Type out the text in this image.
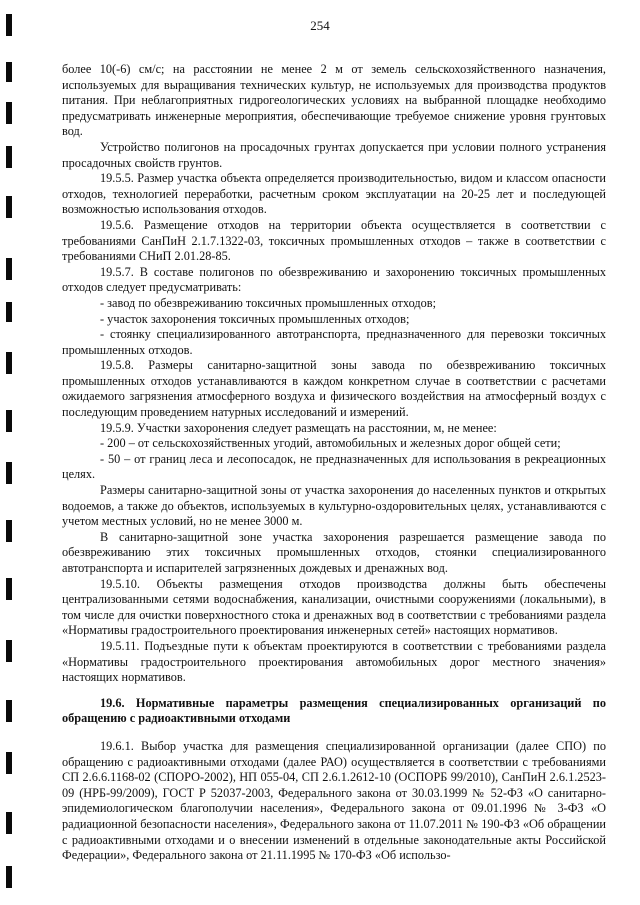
254

более 10(-6) см/с; на расстоянии не менее 2 м от земель сельскохозяйственного назначения, используемых для выращивания технических культур, не используемых для производства продуктов питания. При неблагоприятных гидрогеологических условиях на выбранной площадке необходимо предусматривать инженерные мероприятия, обеспечивающие требуемое снижение уровня грунтовых вод.

Устройство полигонов на просадочных грунтах допускается при условии полного устранения просадочных свойств грунтов.

19.5.5. Размер участка объекта определяется производительностью, видом и классом опасности отходов, технологией переработки, расчетным сроком эксплуатации на 20-25 лет и последующей возможностью использования отходов.

19.5.6. Размещение отходов на территории объекта осуществляется в соответствии с требованиями СанПиН 2.1.7.1322-03, токсичных промышленных отходов – также в соответствии с требованиями СНиП 2.01.28-85.

19.5.7. В составе полигонов по обезвреживанию и захоронению токсичных промышленных отходов следует предусматривать:

- завод по обезвреживанию токсичных промышленных отходов;

- участок захоронения токсичных промышленных отходов;

- стоянку специализированного автотранспорта, предназначенного для перевозки токсичных промышленных отходов.

19.5.8. Размеры санитарно-защитной зоны завода по обезвреживанию токсичных промышленных отходов устанавливаются в каждом конкретном случае в соответствии с расчетами ожидаемого загрязнения атмосферного воздуха и физического воздействия на атмосферный воздух с последующим проведением натурных исследований и измерений.

19.5.9. Участки захоронения следует размещать на расстоянии, м, не менее:

- 200 – от сельскохозяйственных угодий, автомобильных и железных дорог общей сети;

- 50 – от границ леса и лесопосадок, не предназначенных для использования в рекреационных целях.

Размеры санитарно-защитной зоны от участка захоронения до населенных пунктов и открытых водоемов, а также до объектов, используемых в культурно-оздоровительных целях, устанавливаются с учетом местных условий, но не менее 3000 м.

В санитарно-защитной зоне участка захоронения разрешается размещение завода по обезвреживанию этих токсичных промышленных отходов, стоянки специализированного автотранспорта и испарителей загрязненных дождевых и дренажных вод.

19.5.10. Объекты размещения отходов производства должны быть обеспечены централизованными сетями водоснабжения, канализации, очистными сооружениями (локальными), в том числе для очистки поверхностного стока и дренажных вод в соответствии с требованиями раздела «Нормативы градостроительного проектирования инженерных сетей» настоящих нормативов.

19.5.11. Подъездные пути к объектам проектируются в соответствии с требованиями раздела «Нормативы градостроительного проектирования автомобильных дорог местного значения» настоящих нормативов.

19.6. Нормативные параметры размещения специализированных организаций по обращению с радиоактивными отходами

19.6.1. Выбор участка для размещения специализированной организации (далее СПО) по обращению с радиоактивными отходами (далее РАО) осуществляется в соответствии с требованиями СП 2.6.6.1168-02 (СПОРО-2002), НП 055-04, СП 2.6.1.2612-10 (ОСПОРБ 99/2010), СанПиН 2.6.1.2523-09 (НРБ-99/2009), ГОСТ Р 52037-2003, Федерального закона от 30.03.1999 № 52-ФЗ «О санитарно-эпидемиологическом благополучии населения», Федерального закона от 09.01.1996 № 3-ФЗ «О радиационной безопасности населения», Федерального закона от 11.07.2011 № 190-ФЗ «Об обращении с радиоактивными отходами и о внесении изменений в отдельные законодательные акты Российской Федерации», Федерального закона от 21.11.1995 № 170-ФЗ «Об использо-
